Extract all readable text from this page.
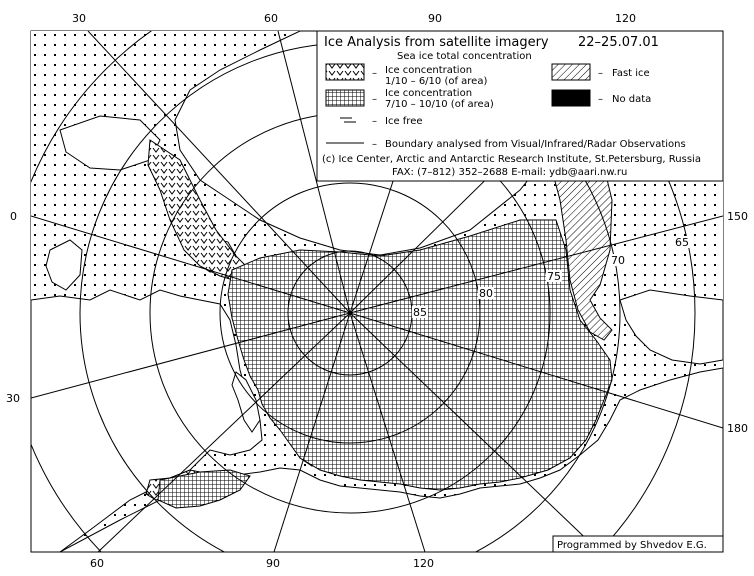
30	60	90	120
0
30
150
180
60	90	120
85
80
75
70
65
Ice Analysis from satellite imagery 22–25.07.01
Sea ice total concentration
– Ice concentration
1/10 – 6/10 (of area)
–
Ice concentration
7/10 – 10/10 (of area)
– Ice free
– Fast ice
– No data
– Boundary analysed from Visual/Infrared/Radar Observations
(c) Ice Center, Arctic and Antarctic Research Institute, St.Petersburg, Russia
FAX: (7–812) 352–2688 E-mail: ydb@aari.nw.ru
Programmed by Shvedov E.G.
